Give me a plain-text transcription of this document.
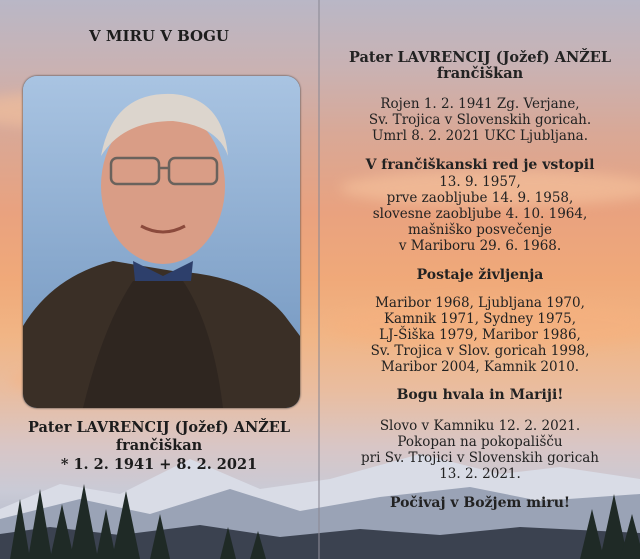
V MIRU V BOGU
Pater LAVRENCIJ (Jožef) ANŽEL
frančiškan
* 1. 2. 1941 + 8. 2. 2021
Pater LAVRENCIJ (Jožef) ANŽEL
frančiškan
Rojen 1. 2. 1941 Zg. Verjane,
Sv. Trojica v Slovenskih goricah.
Umrl 8. 2. 2021 UKC Ljubljana.
V frančiškanski red je vstopil
13. 9. 1957,
prve zaobljube 14. 9. 1958,
slovesne zaobljube 4. 10. 1964,
mašniško posvečenje
v Mariboru 29. 6. 1968.
Postaje življenja
Maribor 1968, Ljubljana 1970,
Kamnik 1971, Sydney 1975,
LJ-Šiška 1979, Maribor 1986,
Sv. Trojica v Slov. goricah 1998,
Maribor 2004, Kamnik 2010.
Bogu hvala in Mariji!
Slovo v Kamniku 12. 2. 2021.
Pokopan na pokopališču
pri Sv. Trojici v Slovenskih goricah
13. 2. 2021.
Počivaj v Božjem miru!
